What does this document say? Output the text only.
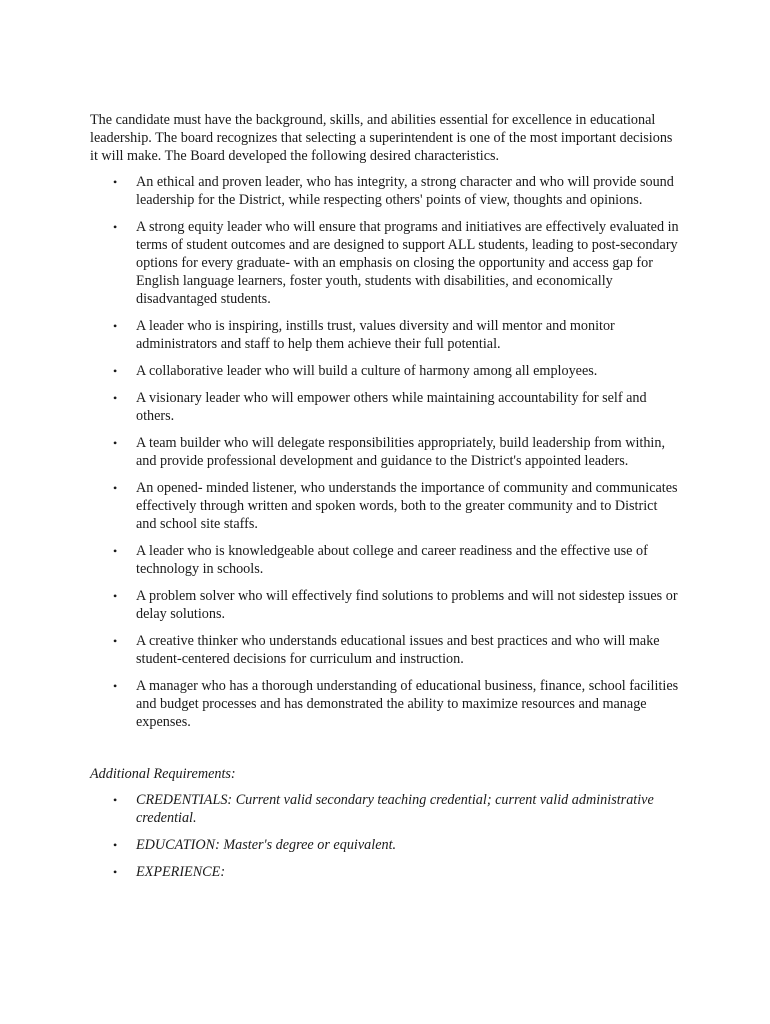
The candidate must have the background, skills, and abilities essential for excellence in educational leadership. The board recognizes that selecting a superintendent is one of the most important decisions it will make. The Board developed the following desired characteristics.

• An ethical and proven leader, who has integrity, a strong character and who will provide sound leadership for the District, while respecting others' points of view, thoughts and opinions.
• A strong equity leader who will ensure that programs and initiatives are effectively evaluated in terms of student outcomes and are designed to support ALL students, leading to post-secondary options for every graduate- with an emphasis on closing the opportunity and access gap for English language learners, foster youth, students with disabilities, and economically disadvantaged students.
• A leader who is inspiring, instills trust, values diversity and will mentor and monitor administrators and staff to help them achieve their full potential.
• A collaborative leader who will build a culture of harmony among all employees.
• A visionary leader who will empower others while maintaining accountability for self and others.
• A team builder who will delegate responsibilities appropriately, build leadership from within, and provide professional development and guidance to the District's appointed leaders.
• An opened- minded listener, who understands the importance of community and communicates effectively through written and spoken words, both to the greater community and to District and school site staffs.
• A leader who is knowledgeable about college and career readiness and the effective use of technology in schools.
• A problem solver who will effectively find solutions to problems and will not sidestep issues or delay solutions.
• A creative thinker who understands educational issues and best practices and who will make student-centered decisions for curriculum and instruction.
• A manager who has a thorough understanding of educational business, finance, school facilities and budget processes and has demonstrated the ability to maximize resources and manage expenses.

Additional Requirements:

• CREDENTIALS: Current valid secondary teaching credential; current valid administrative credential.
• EDUCATION: Master's degree or equivalent.
• EXPERIENCE:
